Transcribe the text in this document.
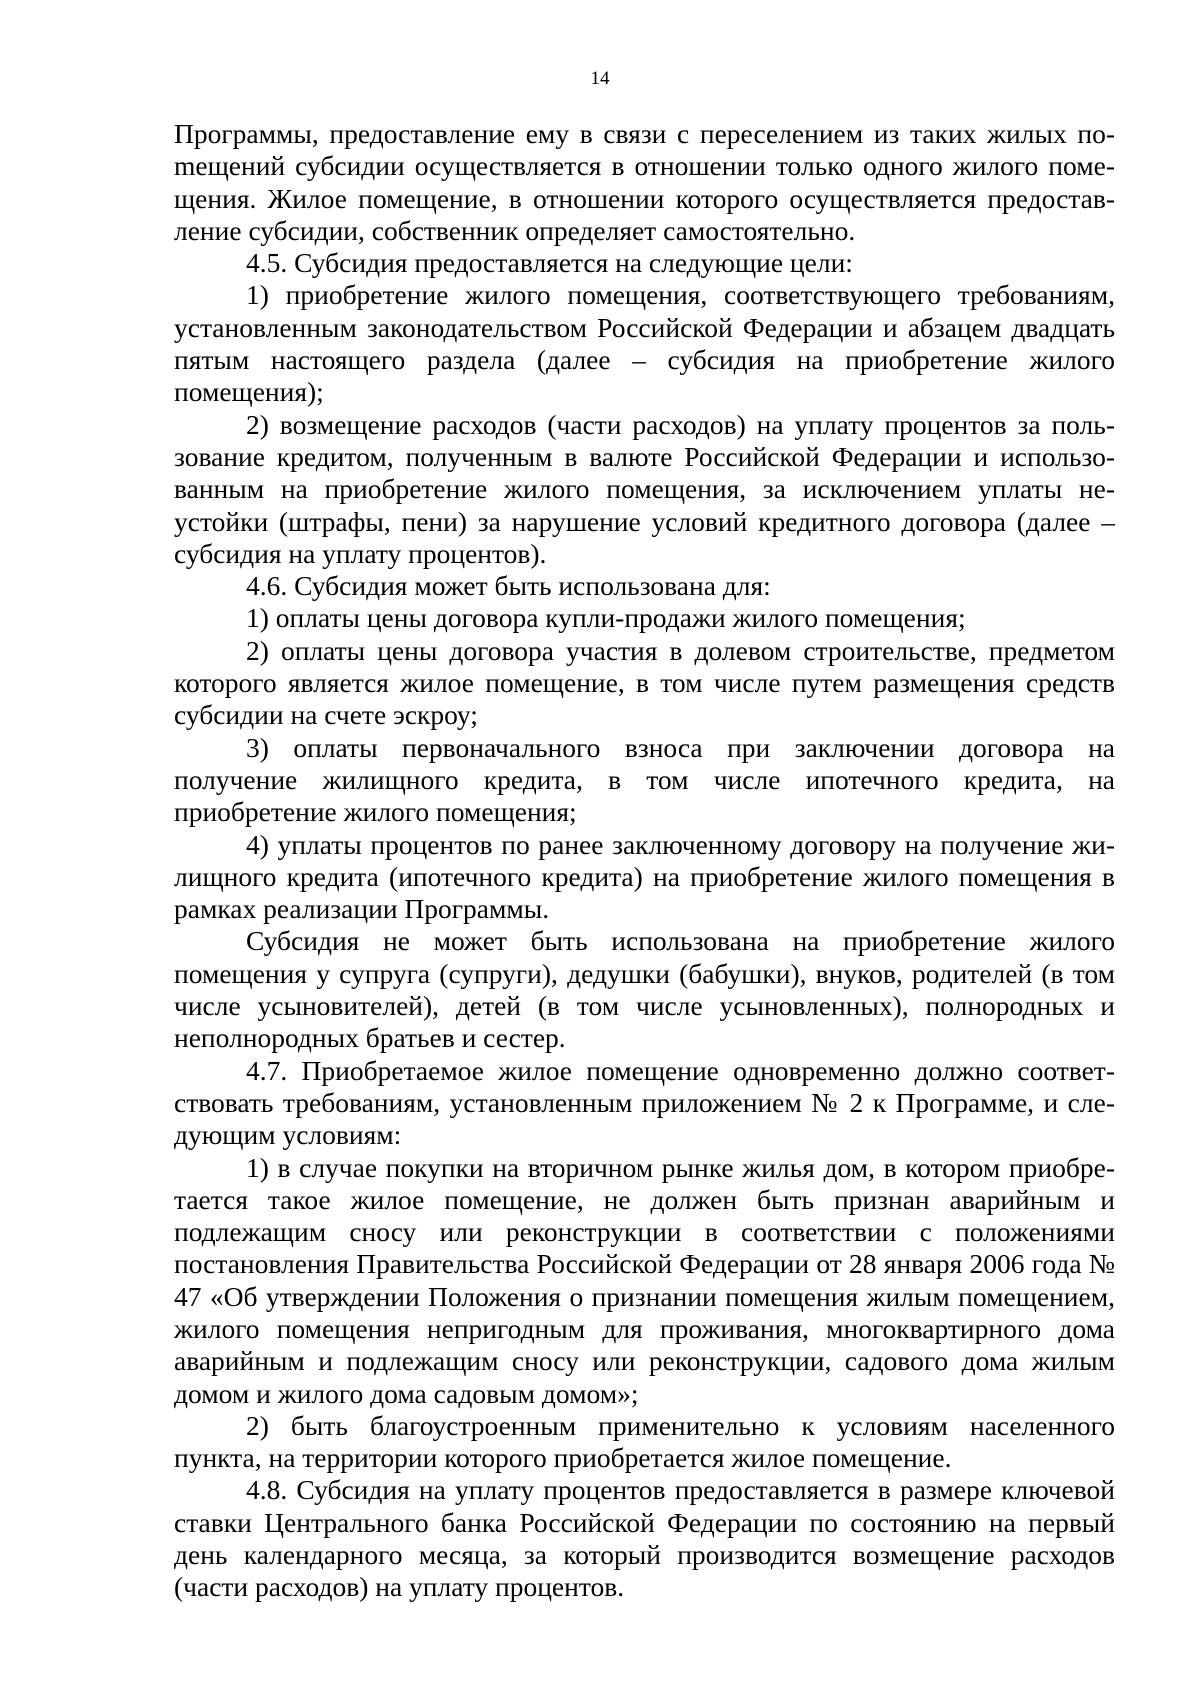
14

Программы, предоставление ему в связи с переселением из таких жилых поmещений субсидии осуществляется в отношении только одного жилого помещения. Жилое помещение, в отношении которого осуществляется предоставление субсидии, собственник определяет самостоятельно.

4.5. Субсидия предоставляется на следующие цели:

1) приобретение жилого помещения, соответствующего требованиям, установленным законодательством Российской Федерации и абзацем двадцать пятым настоящего раздела (далее – субсидия на приобретение жилого помещения);

2) возмещение расходов (части расходов) на уплату процентов за пользование кредитом, полученным в валюте Российской Федерации и использованным на приобретение жилого помещения, за исключением уплаты неустойки (штрафы, пени) за нарушение условий кредитного договора (далее – субсидия на уплату процентов).

4.6. Субсидия может быть использована для:

1) оплаты цены договора купли-продажи жилого помещения;

2) оплаты цены договора участия в долевом строительстве, предметом которого является жилое помещение, в том числе путем размещения средств субсидии на счете эскроу;

3) оплаты первоначального взноса при заключении договора на получение жилищного кредита, в том числе ипотечного кредита, на приобретение жилого помещения;

4) уплаты процентов по ранее заключенному договору на получение жилищного кредита (ипотечного кредита) на приобретение жилого помещения в рамках реализации Программы.

Субсидия не может быть использована на приобретение жилого помещения у супруга (супруги), дедушки (бабушки), внуков, родителей (в том числе усыновителей), детей (в том числе усыновленных), полнородных и неполнородных братьев и сестер.

4.7. Приобретаемое жилое помещение одновременно должно соответствовать требованиям, установленным приложением № 2 к Программе, и следующим условиям:

1) в случае покупки на вторичном рынке жилья дом, в котором приобретается такое жилое помещение, не должен быть признан аварийным и подлежащим сносу или реконструкции в соответствии с положениями постановления Правительства Российской Федерации от 28 января 2006 года № 47 «Об утверждении Положения о признании помещения жилым помещением, жилого помещения непригодным для проживания, многоквартирного дома аварийным и подлежащим сносу или реконструкции, садового дома жилым домом и жилого дома садовым домом»;

2) быть благоустроенным применительно к условиям населенного пункта, на территории которого приобретается жилое помещение.

4.8. Субсидия на уплату процентов предоставляется в размере ключевой ставки Центрального банка Российской Федерации по состоянию на первый день календарного месяца, за который производится возмещение расходов (части расходов) на уплату процентов.
